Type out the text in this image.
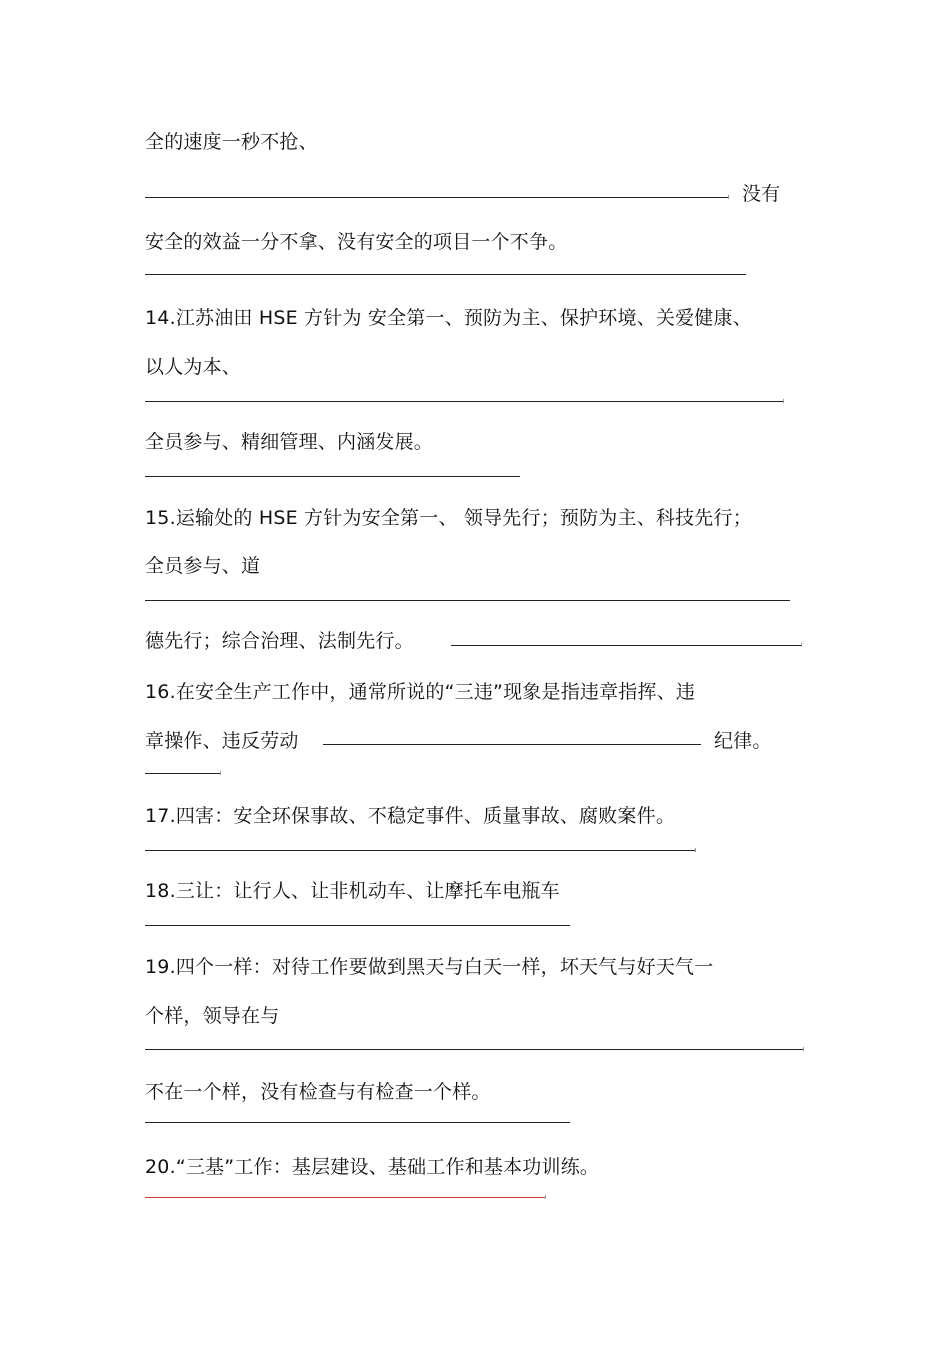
全的速度一秒不抢、
没有
安全的效益一分不拿、没有安全的项目一个不争。
14.江苏油田 HSE 方针为 安全第一、预防为主、保护环境、关爱健康、
以人为本、
全员参与、精细管理、内涵发展。
15.运输处的 HSE 方针为安全第一、 领导先行；预防为主、科技先行；
全员参与、道
德先行；综合治理、法制先行。
16.在安全生产工作中，通常所说的“三违”现象是指违章指挥、违
章操作、违反劳动	纪律。
17.四害：安全环保事故、不稳定事件、质量事故、腐败案件。
18.三让：让行人、让非机动车、让摩托车电瓶车
19.四个一样：对待工作要做到黑天与白天一样，坏天气与好天气一
个样，领导在与
不在一个样，没有检查与有检查一个样。
20.“三基”工作：基层建设、基础工作和基本功训练。
